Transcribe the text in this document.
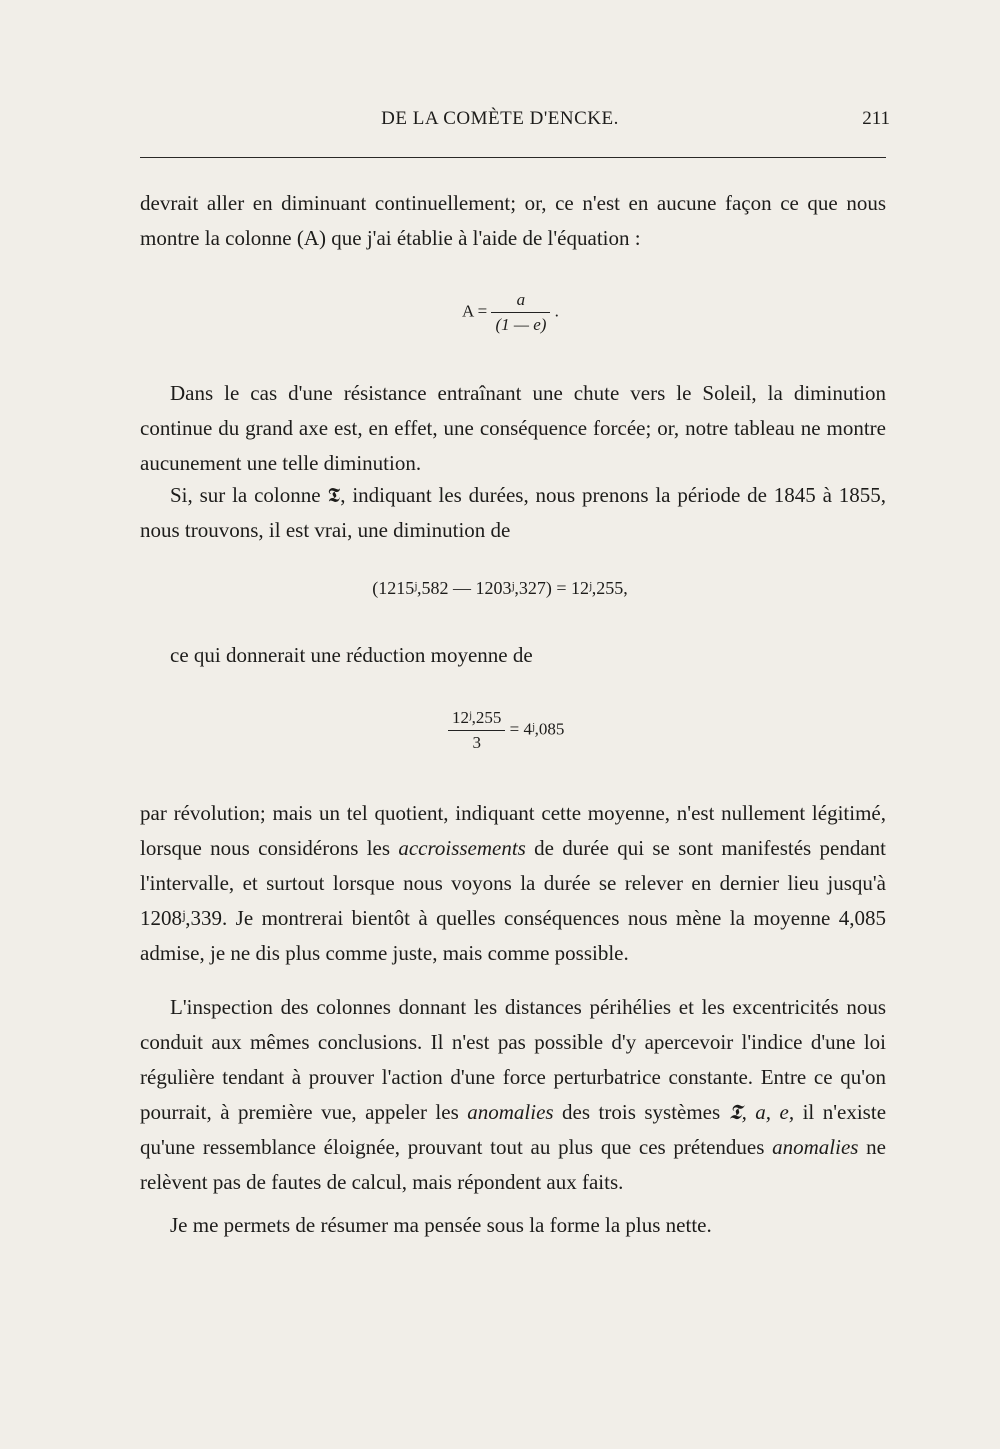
DE LA COMÈTE D'ENCKE.	211

devrait aller en diminuant continuellement; or, ce n'est en aucune façon ce que nous montre la colonne (A) que j'ai établie à l'aide de l'équation :

$A = \frac{a}{(1 — e)}$ .

Dans le cas d'une résistance entraînant une chute vers le Soleil, la diminution continue du grand axe est, en effet, une conséquence forcée; or, notre tableau ne montre aucunement une telle diminution.

Si, sur la colonne 𝕿, indiquant les durées, nous prenons la période de 1845 à 1855, nous trouvons, il est vrai, une diminution de

(1215ʲ,582 — 1203ʲ,327) = 12ʲ,255,

ce qui donnerait une réduction moyenne de

$\frac{\text{12ʲ,255}}{3}$ = 4ʲ,085

par révolution; mais un tel quotient, indiquant cette moyenne, n'est nullement légitimé, lorsque nous considérons les accroissements de durée qui se sont manifestés pendant l'intervalle, et surtout lorsque nous voyons la durée se relever en dernier lieu jusqu'à 1208ʲ,339. Je montrerai bientôt à quelles conséquences nous mène la moyenne 4,085 admise, je ne dis plus comme juste, mais comme possible.

L'inspection des colonnes donnant les distances périhélies et les excentricités nous conduit aux mêmes conclusions. Il n'est pas possible d'y apercevoir l'indice d'une loi régulière tendant à prouver l'action d'une force perturbatrice constante. Entre ce qu'on pourrait, à première vue, appeler les anomalies des trois systèmes 𝕿, a, e, il n'existe qu'une ressemblance éloignée, prouvant tout au plus que ces prétendues anomalies ne relèvent pas de fautes de calcul, mais répondent aux faits.

Je me permets de résumer ma pensée sous la forme la plus nette.
